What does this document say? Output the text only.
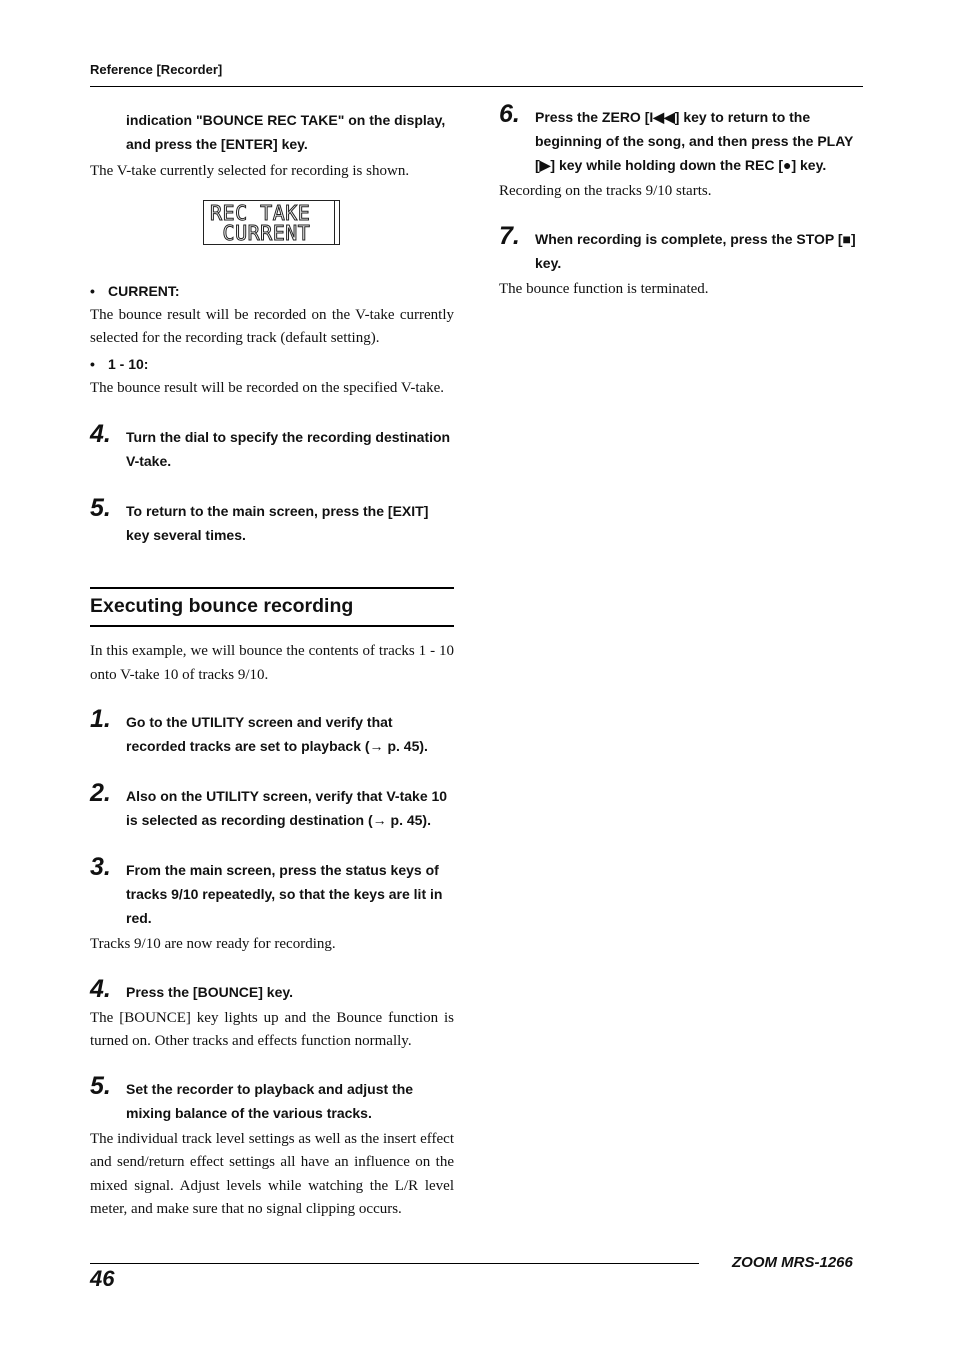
Reference [Recorder]
indication "BOUNCE REC TAKE" on the display,
and press the [ENTER] key.

The V-take currently selected for recording is shown.

REC TAKE
CURRENT
• CURRENT:

The bounce result will be recorded on the V-take currently selected for the recording track (default setting).

• 1 - 10:

The bounce result will be recorded on the specified V-take.

4. Turn the dial to specify the recording destination V-take.
5. To return to the main screen, press the [EXIT] key several times.
Executing bounce recording

In this example, we will bounce the contents of tracks 1 - 10 onto V-take 10 of tracks 9/10.

1. Go to the UTILITY screen and verify that recorded tracks are set to playback (→ p. 45).
2. Also on the UTILITY screen, verify that V-take 10 is selected as recording destination (→ p. 45).
3. From the main screen, press the status keys of tracks 9/10 repeatedly, so that the keys are lit in red.

Tracks 9/10 are now ready for recording.

4. Press the [BOUNCE] key.

The [BOUNCE] key lights up and the Bounce function is turned on. Other tracks and effects function normally.

5. Set the recorder to playback and adjust the mixing balance of the various tracks.

The individual track level settings as well as the insert effect and send/return effect settings all have an influence on the mixed signal. Adjust levels while watching the L/R level meter, and make sure that no signal clipping occurs.

6. Press the ZERO [I◀◀] key to return to the beginning of the song, and then press the PLAY [▶] key while holding down the REC [●] key.

Recording on the tracks 9/10 starts.

7. When recording is complete, press the STOP [■] key.

The bounce function is terminated.

ZOOM MRS-1266
46
